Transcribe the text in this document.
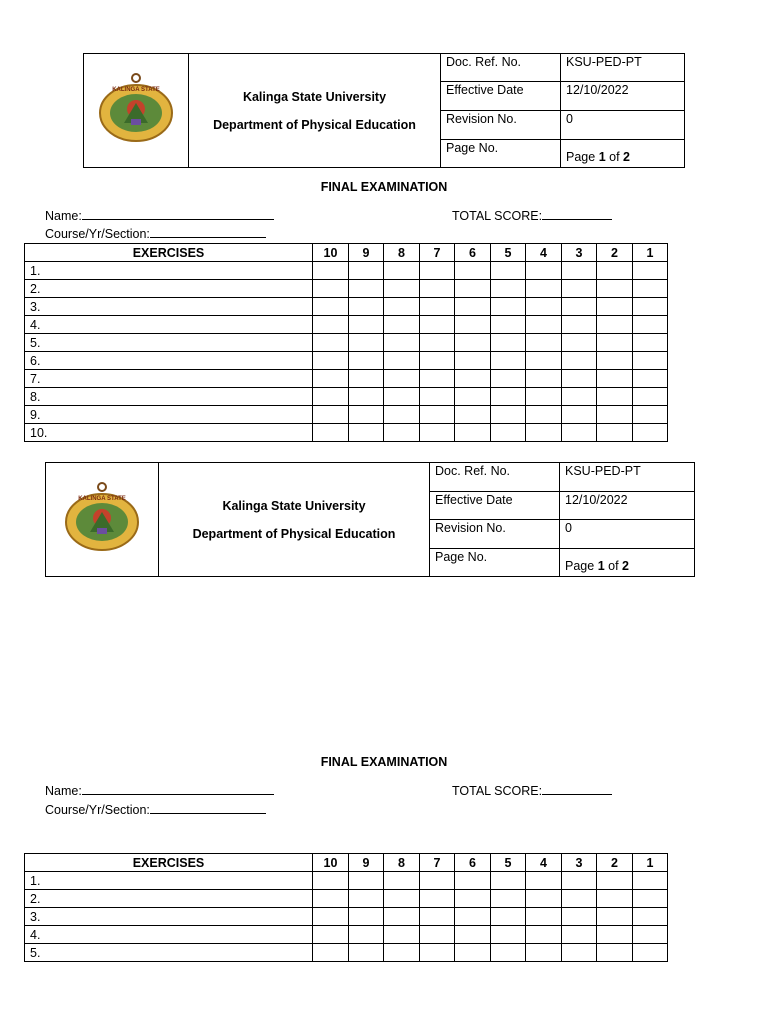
KALINGA STATE	Kalinga State University
Department of Physical Education	Doc. Ref. No.	KSU-PED-PT
		Effective Date	12/10/2022
		Revision No.	0
		Page No.	Page 1 of 2
FINAL EXAMINATION
Name:	TOTAL SCORE:
Course/Yr/Section:
EXERCISES	10	9	8	7	6	5	4	3	2	1
1.										
2.										
3.										
4.										
5.										
6.										
7.										
8.										
9.										
10.										
KALINGA STATE	Kalinga State University
Department of Physical Education	Doc. Ref. No.	KSU-PED-PT
		Effective Date	12/10/2022
		Revision No.	0
		Page No.	Page 1 of 2
FINAL EXAMINATION
Name:	TOTAL SCORE:
Course/Yr/Section:
EXERCISES	10	9	8	7	6	5	4	3	2	1
1.										
2.										
3.										
4.										
5.										
